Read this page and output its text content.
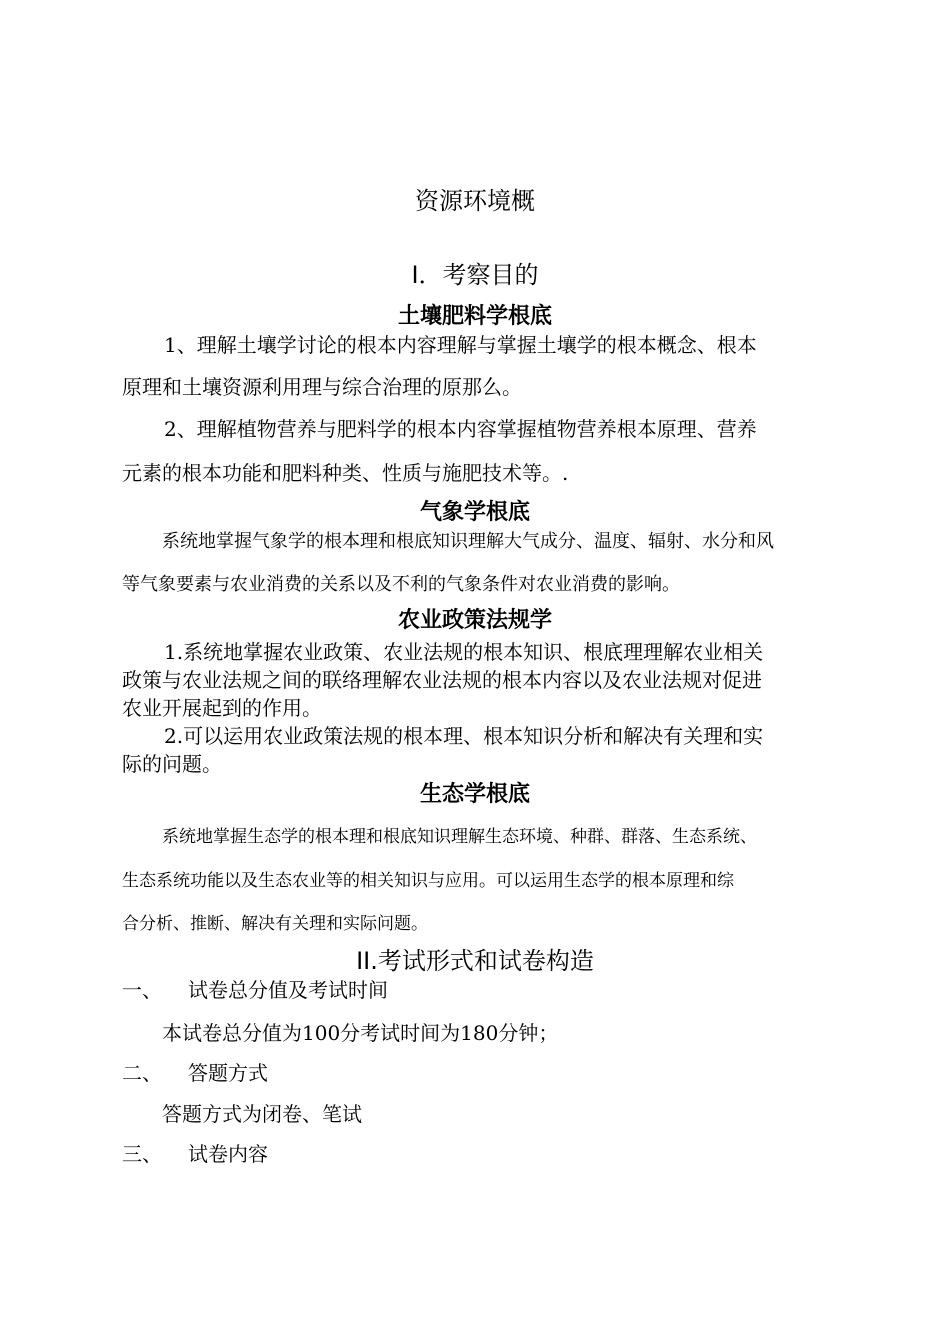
资源环境概
I．考察目的
土壤肥料学根底
1、理解土壤学讨论的根本内容理解与掌握土壤学的根本概念、根本
原理和土壤资源利用理与综合治理的原那么。
2、理解植物营养与肥料学的根本内容掌握植物营养根本原理、营养
元素的根本功能和肥料种类、性质与施肥技术等。.
气象学根底
系统地掌握气象学的根本理和根底知识理解大气成分、温度、辐射、水分和风
等气象要素与农业消费的关系以及不利的气象条件对农业消费的影响。
农业政策法规学
1.系统地掌握农业政策、农业法规的根本知识、根底理理解农业相关
政策与农业法规之间的联络理解农业法规的根本内容以及农业法规对促进
农业开展起到的作用。
2.可以运用农业政策法规的根本理、根本知识分析和解决有关理和实
际的问题。
生态学根底
系统地掌握生态学的根本理和根底知识理解生态环境、种群、群落、生态系统、
生态系统功能以及生态农业等的相关知识与应用。可以运用生态学的根本原理和综
合分析、推断、解决有关理和实际问题。
II.考试形式和试卷构造
一、 试卷总分值及考试时间
本试卷总分值为100分考试时间为180分钟；
二、 答题方式
答题方式为闭卷、笔试
三、 试卷内容
